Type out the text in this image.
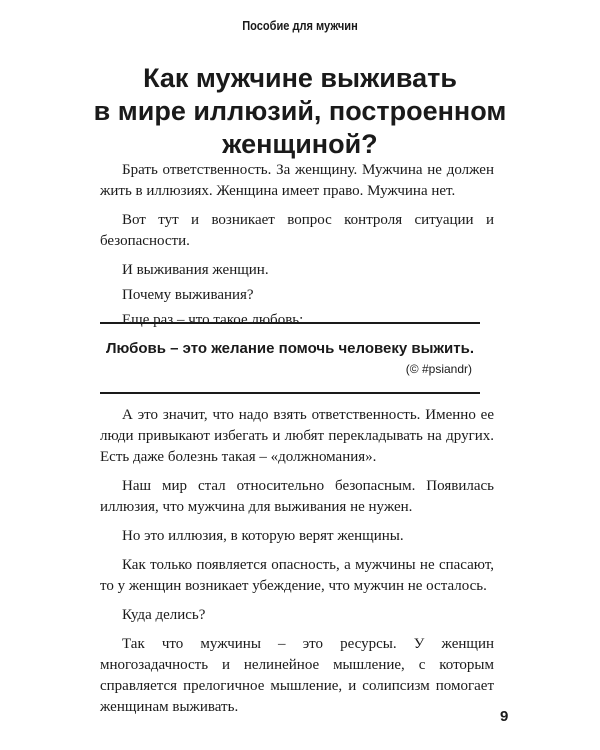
Пособие для мужчин
Как мужчине выживать
в мире иллюзий, построенном
женщиной?

Брать ответственность. За женщину. Мужчина не должен жить в иллюзиях. Женщина имеет право. Мужчина нет.

Вот тут и возникает вопрос контроля ситуации и безопасности.

И выживания женщин.

Почему выживания?

Еще раз – что такое любовь:

Любовь – это желание помочь человеку выжить.
(© #psiandr)

А это значит, что надо взять ответственность. Именно ее люди привыкают избегать и любят перекладывать на других. Есть даже болезнь такая – «должномания».

Наш мир стал относительно безопасным. Появилась иллюзия, что мужчина для выживания не нужен.

Но это иллюзия, в которую верят женщины.

Как только появляется опасность, а мужчины не спасают, то у женщин возникает убеждение, что мужчин не осталось.

Куда делись?

Так что мужчины – это ресурсы. У женщин многозадачность и нелинейное мышление, с которым справляется прелогичное мышление, и солипсизм помогает женщинам выживать.

9
